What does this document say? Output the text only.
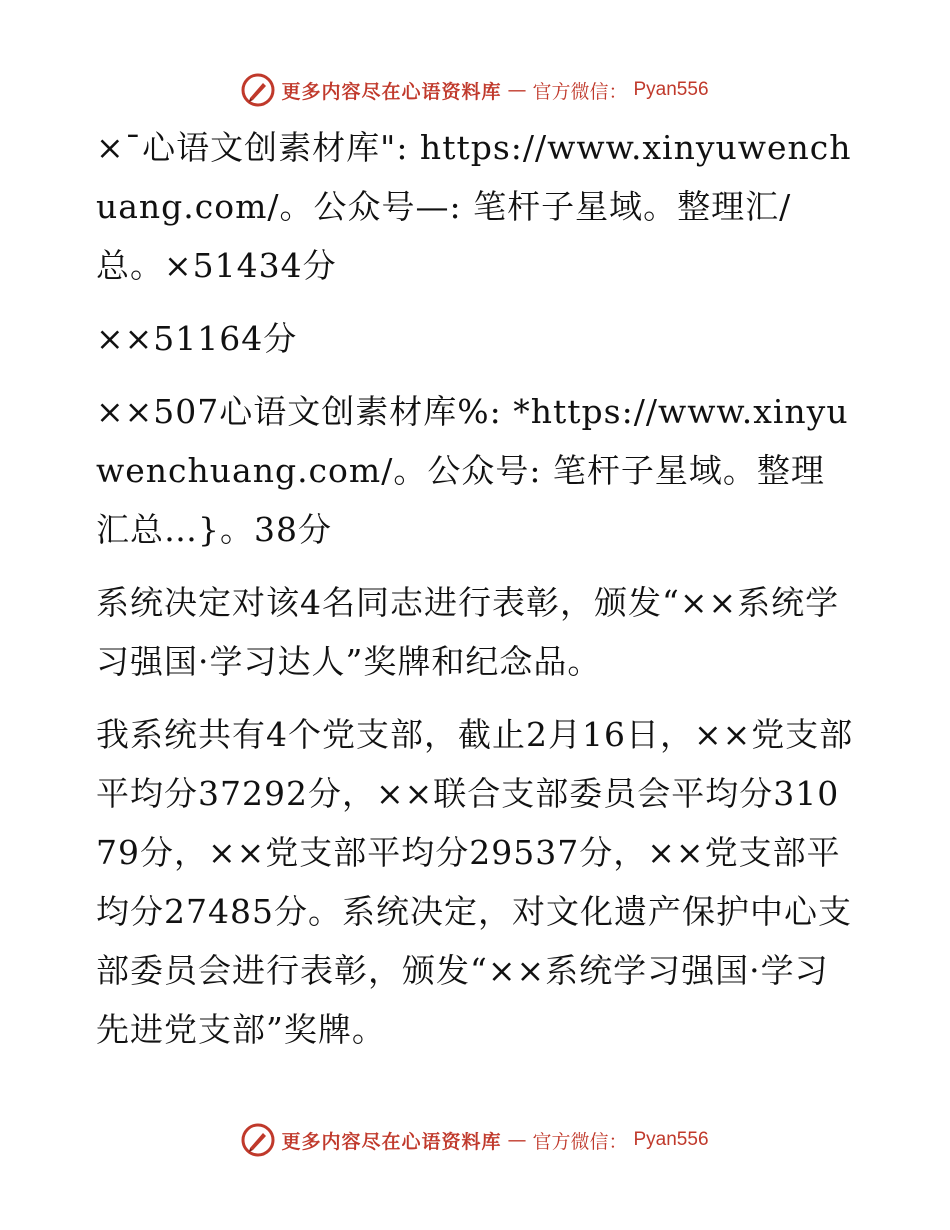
更多内容尽在心语资料库 — 官方微信： Pyan556

×¯心语文创素材库": https://www.xinyuwenchuang.com/。公众号—: 笔杆子星域。整理汇/总。×51434分

××51164分

××507心语文创素材库%: *https://www.xinyuwenchuang.com/。公众号: 笔杆子星域。整理汇总…}。38分

系统决定对该4名同志进行表彰，颁发“××系统学习强国·学习达人”奖牌和纪念品。

我系统共有4个党支部，截止2月16日，××党支部平均分37292分，××联合支部委员会平均分31079分，××党支部平均分29537分，××党支部平均分27485分。系统决定，对文化遗产保护中心支部委员会进行表彰，颁发“××系统学习强国·学习先进党支部”奖牌。

更多内容尽在心语资料库 — 官方微信： Pyan556
